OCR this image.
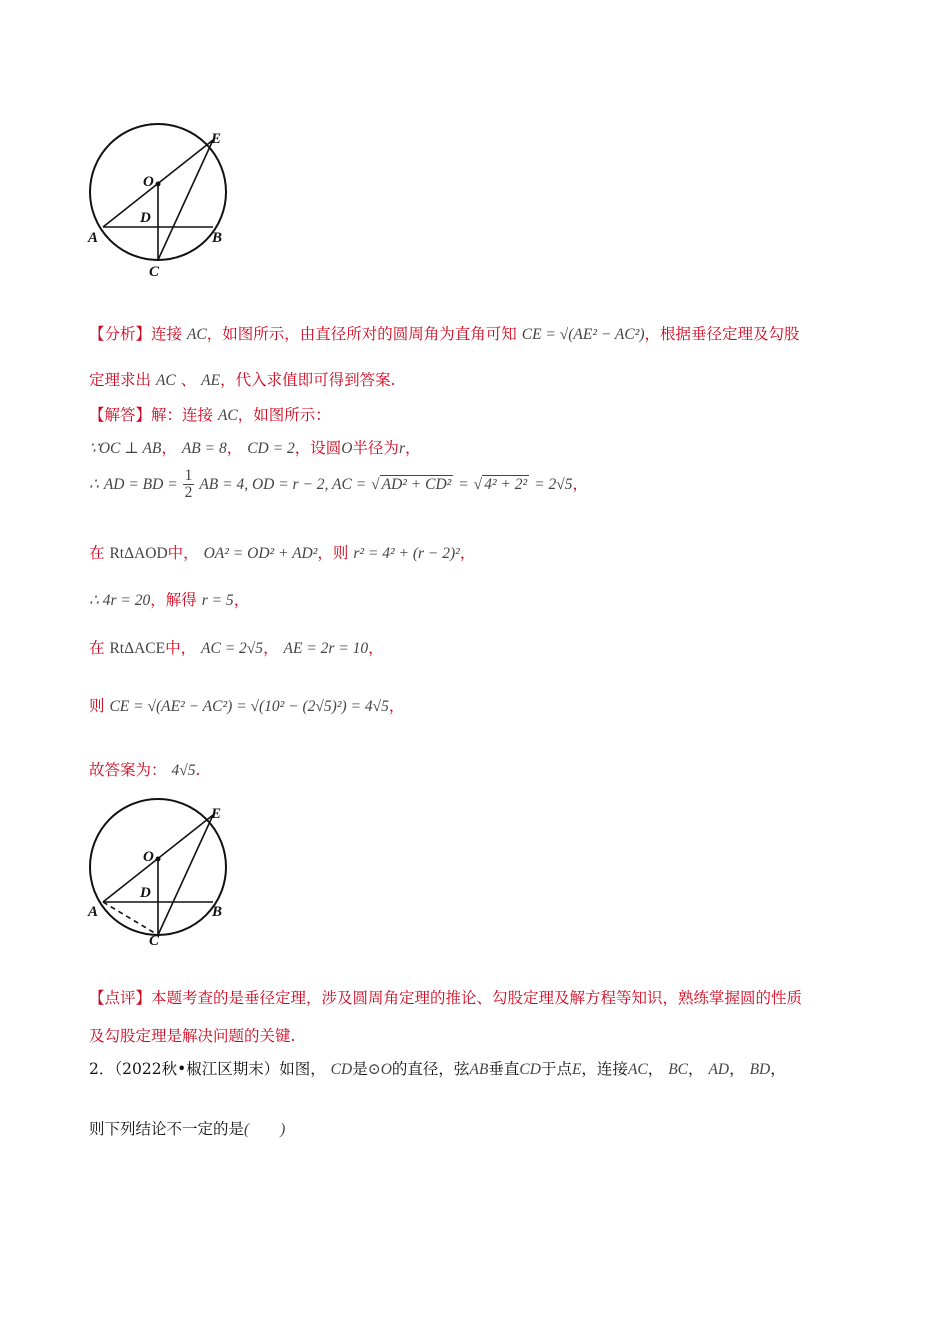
E
O
D
A	B
C
【分析】连接 AC，如图所示，由直径所对的圆周角为直角可知 CE = √(AE² − AC²)，根据垂径定理及勾股
定理求出 AC 、 AE，代入求值即可得到答案.
【解答】解：连接 AC，如图所示：
∵OC ⊥ AB， AB = 8， CD = 2，设圆O半径为r，
∴ AD = BD = $\frac{1}{2}$ AB = 4, OD = r − 2, AC = √ AD² + CD² = √ 4² + 2² = 2√5，
在 RtΔAOD中， OA² = OD² + AD²，则 r² = 4² + (r − 2)²，
∴ 4r = 20，解得 r = 5，
在 RtΔACE中， AC = 2√5， AE = 2r = 10，
则 CE = √(AE² − AC²) = √(10² − (2√5)²) = 4√5，
故答案为： 4√5.
E
O
D
A	B
C
【点评】本题考查的是垂径定理，涉及圆周角定理的推论、勾股定理及解方程等知识，熟练掌握圆的性质
及勾股定理是解决问题的关键.
2．（2022秋•椒江区期末）如图， CD是⊙O的直径，弦AB垂直CD于点E，连接AC， BC， AD， BD，
则下列结论不一定的是(　　)
